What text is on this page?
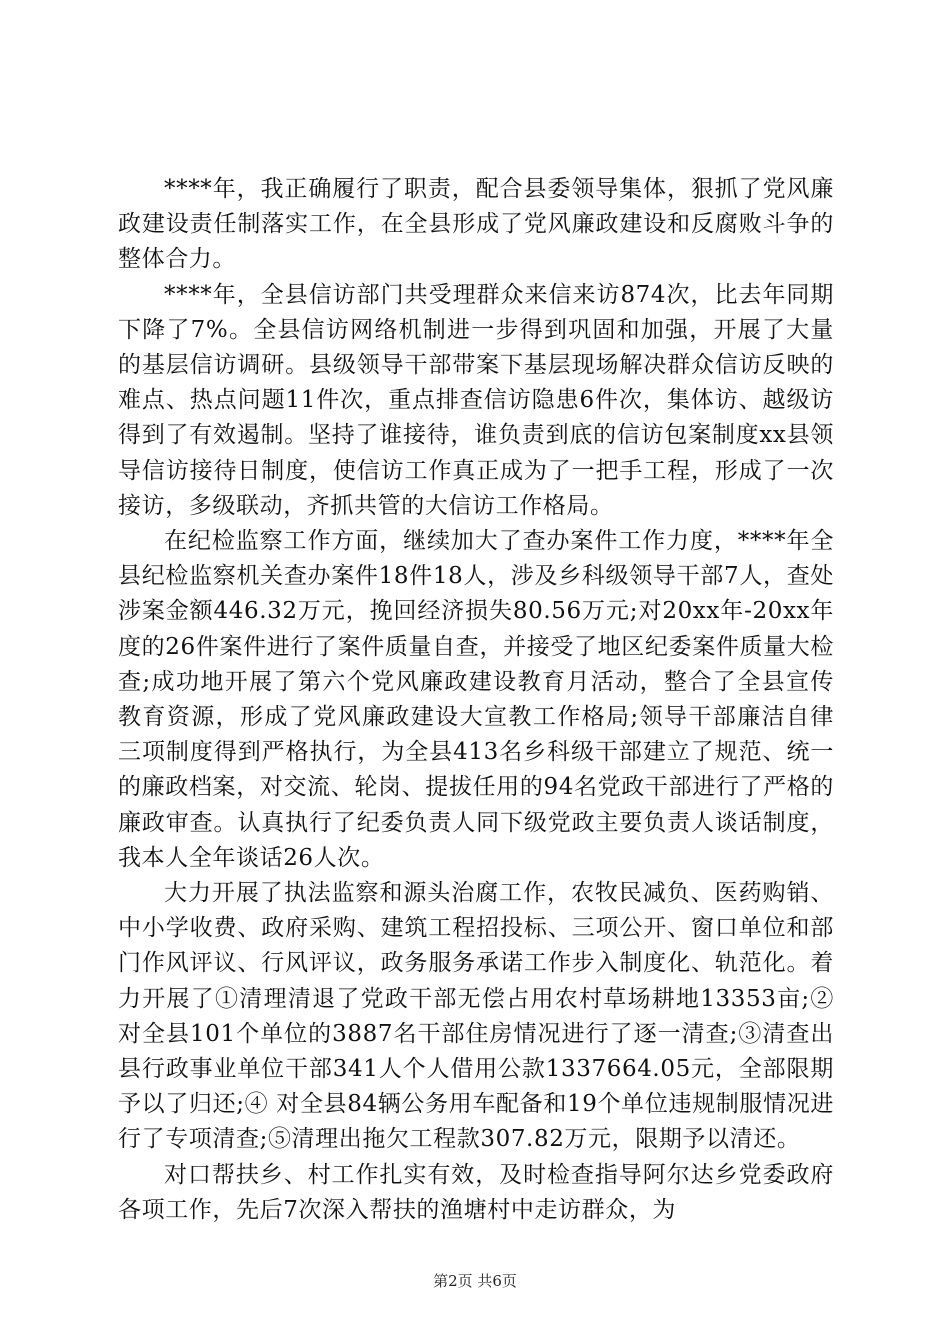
****年，我正确履行了职责，配合县委领导集体，狠抓了党风廉政建设责任制落实工作，在全县形成了党风廉政建设和反腐败斗争的整体合力。

****年，全县信访部门共受理群众来信来访874次，比去年同期下降了7%。全县信访网络机制进一步得到巩固和加强，开展了大量的基层信访调研。县级领导干部带案下基层现场解决群众信访反映的难点、热点问题11件次，重点排查信访隐患6件次，集体访、越级访得到了有效遏制。坚持了谁接待，谁负责到底的信访包案制度xx县领导信访接待日制度，使信访工作真正成为了一把手工程，形成了一次接访，多级联动，齐抓共管的大信访工作格局。

在纪检监察工作方面，继续加大了查办案件工作力度，****年全县纪检监察机关查办案件18件18人，涉及乡科级领导干部7人，查处涉案金额446.32万元，挽回经济损失80.56万元;对20xx年-20xx年度的26件案件进行了案件质量自查，并接受了地区纪委案件质量大检查;成功地开展了第六个党风廉政建设教育月活动，整合了全县宣传教育资源，形成了党风廉政建设大宣教工作格局;领导干部廉洁自律三项制度得到严格执行，为全县413名乡科级干部建立了规范、统一的廉政档案，对交流、轮岗、提拔任用的94名党政干部进行了严格的廉政审查。认真执行了纪委负责人同下级党政主要负责人谈话制度，我本人全年谈话26人次。

大力开展了执法监察和源头治腐工作，农牧民减负、医药购销、中小学收费、政府采购、建筑工程招投标、三项公开、窗口单位和部门作风评议、行风评议，政务服务承诺工作步入制度化、轨范化。着力开展了①清理清退了党政干部无偿占用农村草场耕地13353亩;② 对全县101个单位的3887名干部住房情况进行了逐一清查;③清查出县行政事业单位干部341人个人借用公款1337664.05元，全部限期予以了归还;④ 对全县84辆公务用车配备和19个单位违规制服情况进行了专项清查;⑤清理出拖欠工程款307.82万元，限期予以清还。

对口帮扶乡、村工作扎实有效，及时检查指导阿尔达乡党委政府各项工作，先后7次深入帮扶的渔塘村中走访群众，为

第2页 共6页
